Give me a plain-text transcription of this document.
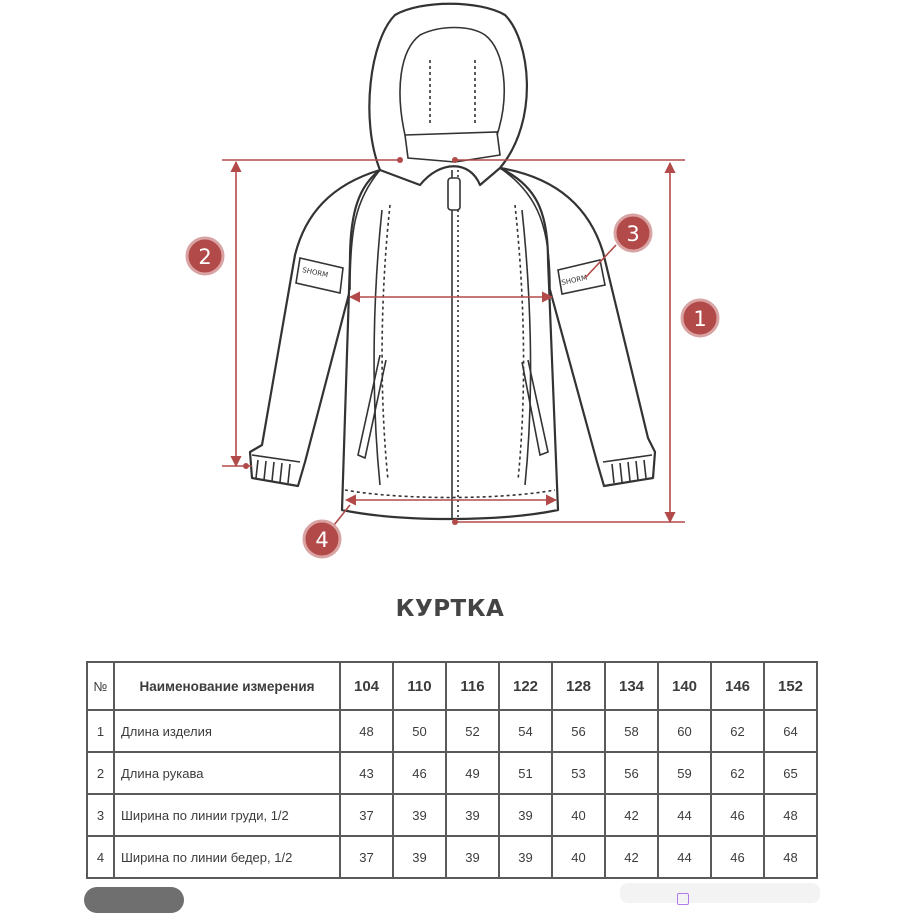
SHORM
SHORM
1
2
3
4
КУРТКА
№	Наименование измерения	104	110	116	122	128	134	140	146	152
1	Длина изделия	48	50	52	54	56	58	60	62	64
2	Длина рукава	43	46	49	51	53	56	59	62	65
3	Ширина по линии груди, 1/2	37	39	39	39	40	42	44	46	48
4	Ширина по линии бедер, 1/2	37	39	39	39	40	42	44	46	48
